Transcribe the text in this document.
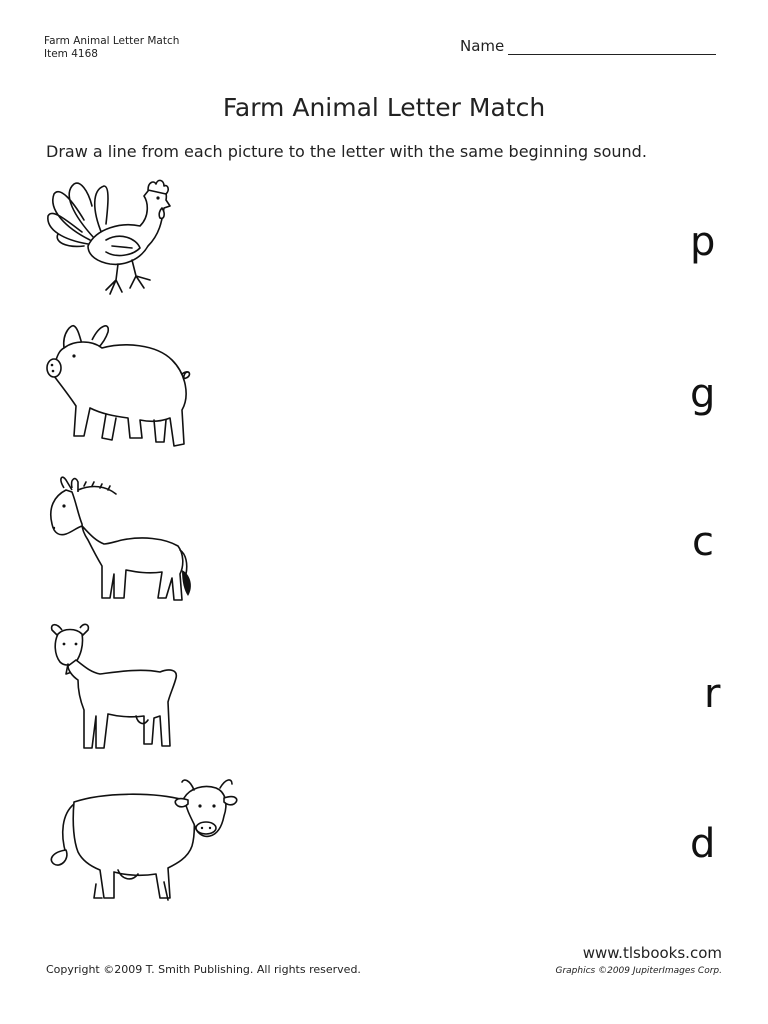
Farm Animal Letter Match
Item 4168	Name
Farm Animal Letter Match
Draw a line from each picture to the letter with the same beginning sound.
p
g
c
r
d
Copyright ©2009 T. Smith Publishing. All rights reserved.
www.tlsbooks.com
Graphics ©2009 JupiterImages Corp.
